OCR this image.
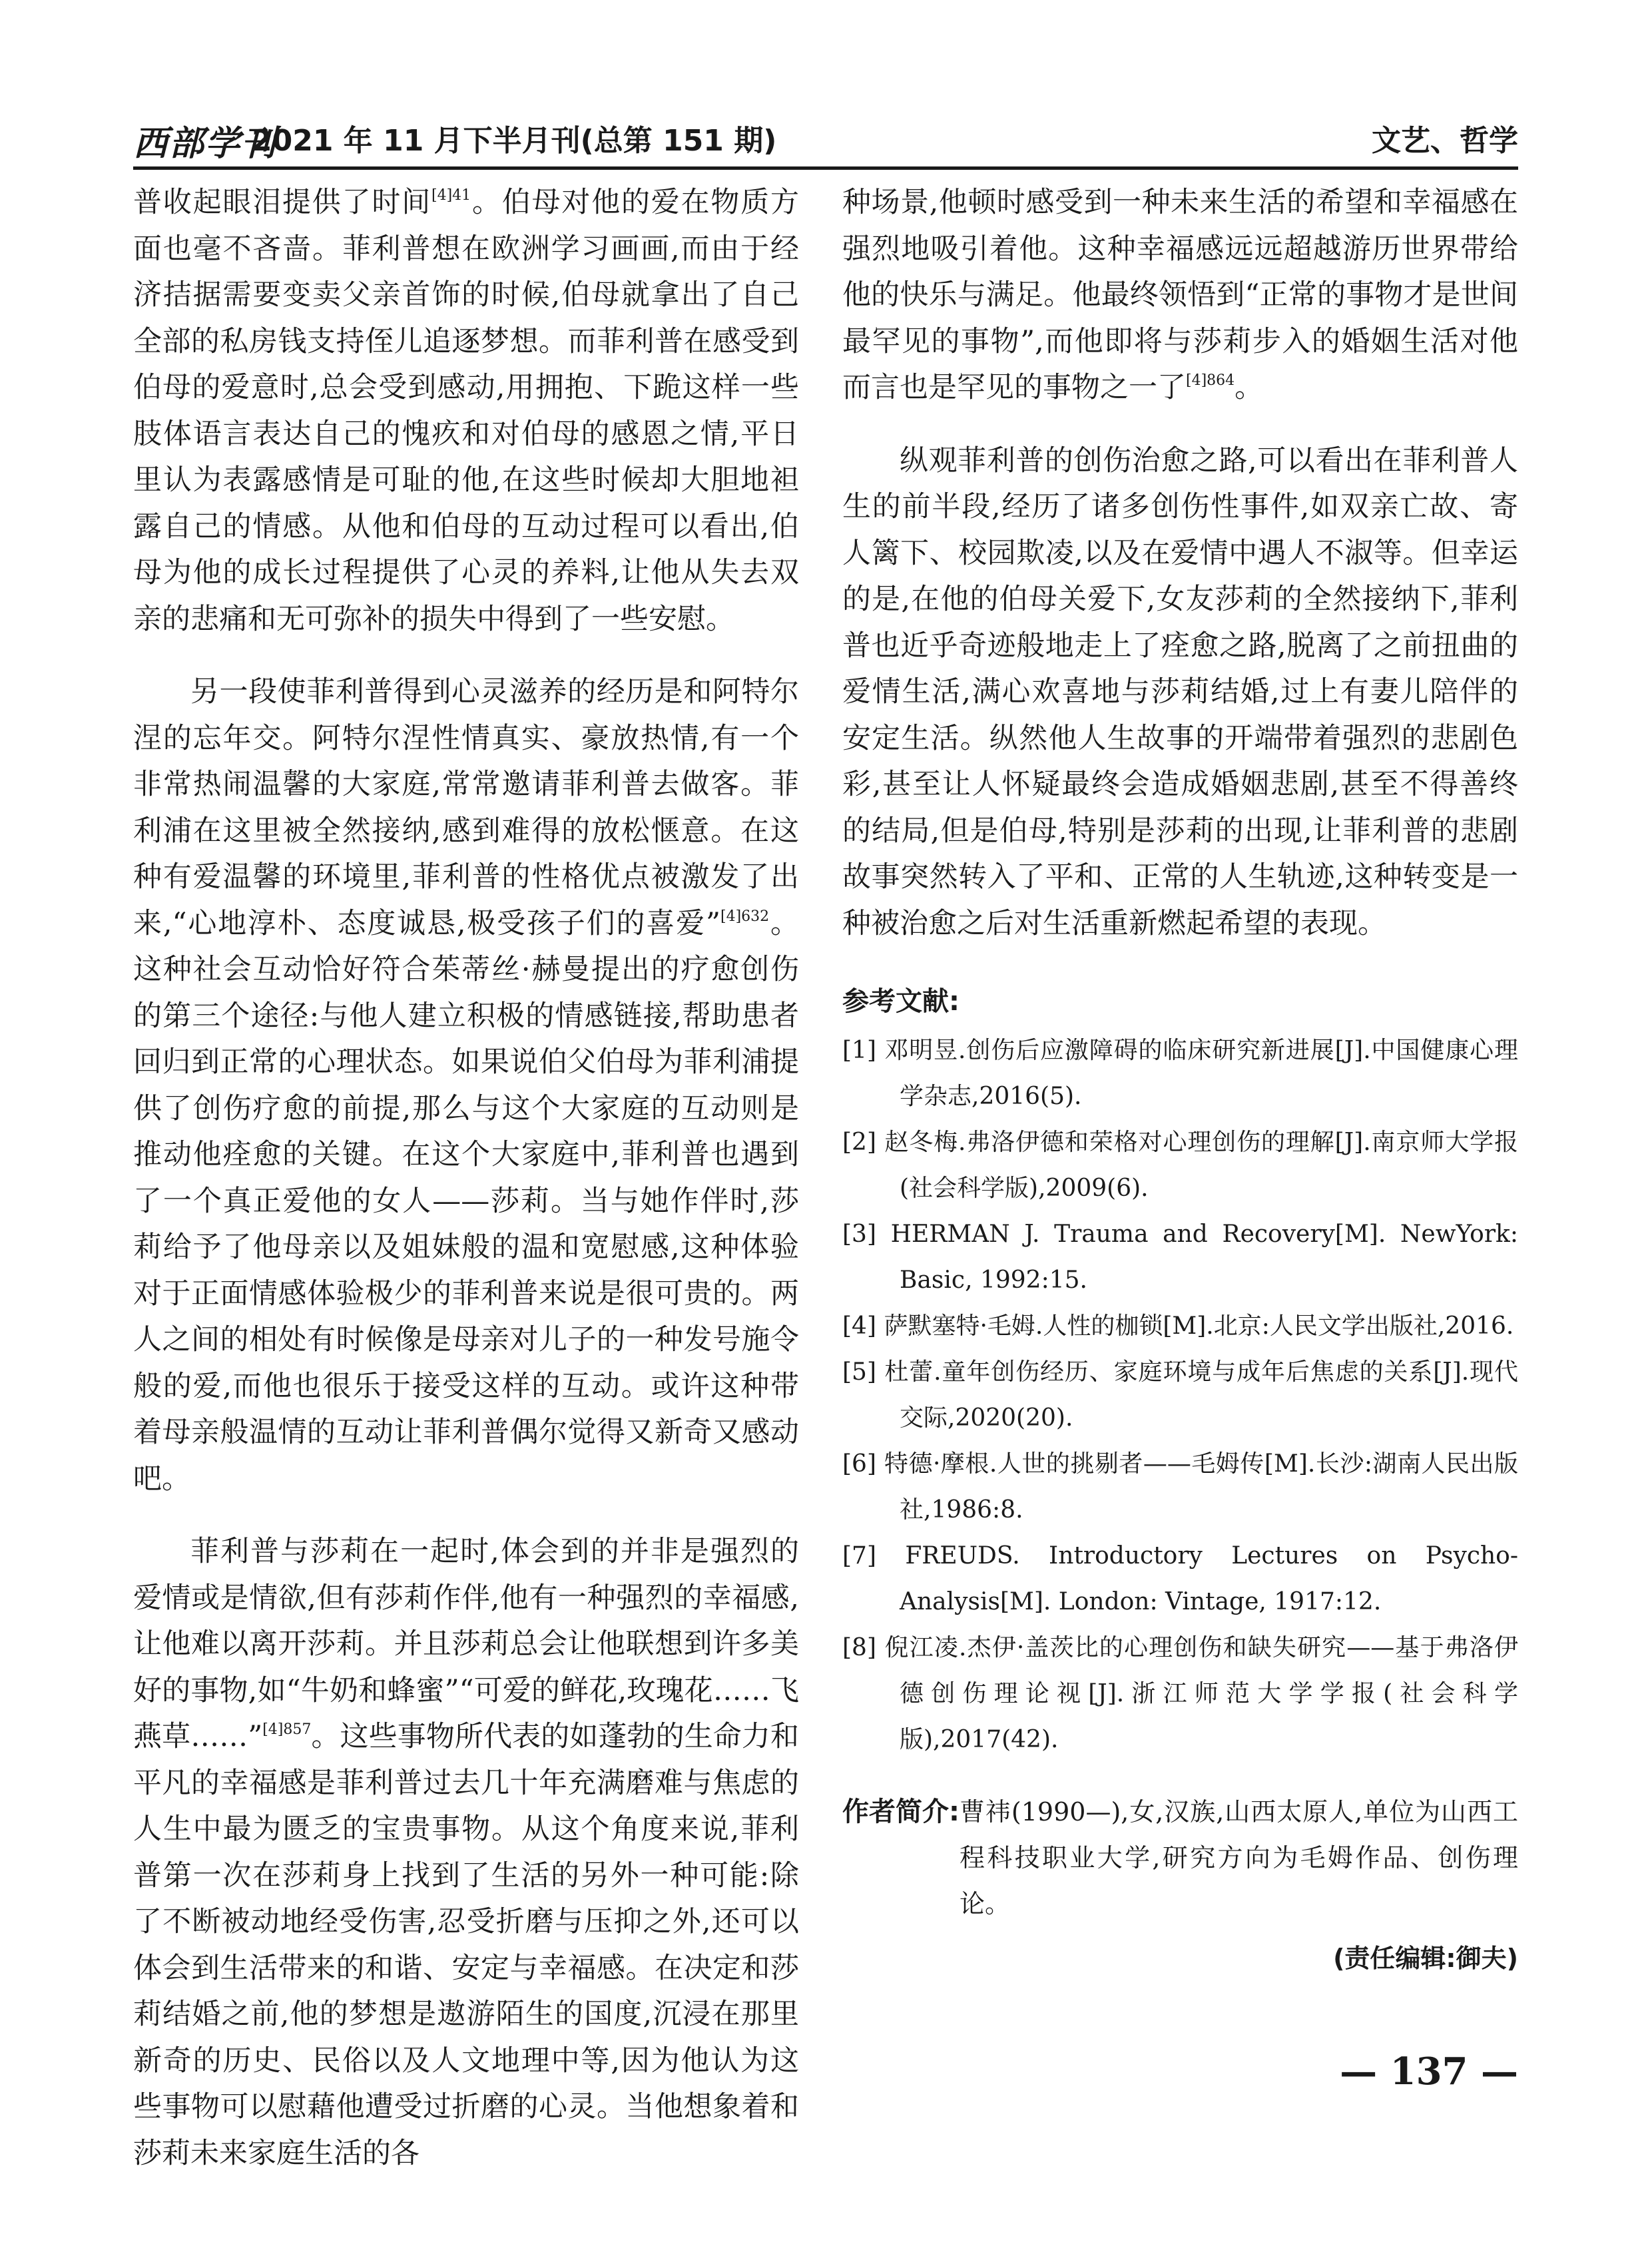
西部学刊
2021 年 11 月下半月刊(总第 151 期)	文艺、哲学

普收起眼泪提供了时间$^{[4]41}$。伯母对他的爱在物质方面也毫不吝啬。菲利普想在欧洲学习画画,而由于经济拮据需要变卖父亲首饰的时候,伯母就拿出了自己全部的私房钱支持侄儿追逐梦想。而菲利普在感受到伯母的爱意时,总会受到感动,用拥抱、下跪这样一些肢体语言表达自己的愧疚和对伯母的感恩之情,平日里认为表露感情是可耻的他,在这些时候却大胆地袒露自己的情感。从他和伯母的互动过程可以看出,伯母为他的成长过程提供了心灵的养料,让他从失去双亲的悲痛和无可弥补的损失中得到了一些安慰。

另一段使菲利普得到心灵滋养的经历是和阿特尔涅的忘年交。阿特尔涅性情真实、豪放热情,有一个非常热闹温馨的大家庭,常常邀请菲利普去做客。菲利浦在这里被全然接纳,感到难得的放松惬意。在这种有爱温馨的环境里,菲利普的性格优点被激发了出来,“心地淳朴、态度诚恳,极受孩子们的喜爱”$^{[4]632}$。这种社会互动恰好符合茱蒂丝·赫曼提出的疗愈创伤的第三个途径:与他人建立积极的情感链接,帮助患者回归到正常的心理状态。如果说伯父伯母为菲利浦提供了创伤疗愈的前提,那么与这个大家庭的互动则是推动他痊愈的关键。在这个大家庭中,菲利普也遇到了一个真正爱他的女人——莎莉。当与她作伴时,莎莉给予了他母亲以及姐妹般的温和宽慰感,这种体验对于正面情感体验极少的菲利普来说是很可贵的。两人之间的相处有时候像是母亲对儿子的一种发号施令般的爱,而他也很乐于接受这样的互动。或许这种带着母亲般温情的互动让菲利普偶尔觉得又新奇又感动吧。

菲利普与莎莉在一起时,体会到的并非是强烈的爱情或是情欲,但有莎莉作伴,他有一种强烈的幸福感,让他难以离开莎莉。并且莎莉总会让他联想到许多美好的事物,如“牛奶和蜂蜜”“可爱的鲜花,玫瑰花……飞燕草……”$^{[4]857}$。这些事物所代表的如蓬勃的生命力和平凡的幸福感是菲利普过去几十年充满磨难与焦虑的人生中最为匮乏的宝贵事物。从这个角度来说,菲利普第一次在莎莉身上找到了生活的另外一种可能:除了不断被动地经受伤害,忍受折磨与压抑之外,还可以体会到生活带来的和谐、安定与幸福感。在决定和莎莉结婚之前,他的梦想是遨游陌生的国度,沉浸在那里新奇的历史、民俗以及人文地理中等,因为他认为这些事物可以慰藉他遭受过折磨的心灵。当他想象着和莎莉未来家庭生活的各

种场景,他顿时感受到一种未来生活的希望和幸福感在强烈地吸引着他。这种幸福感远远超越游历世界带给他的快乐与满足。他最终领悟到“正常的事物才是世间最罕见的事物”,而他即将与莎莉步入的婚姻生活对他而言也是罕见的事物之一了$^{[4]864}$。

纵观菲利普的创伤治愈之路,可以看出在菲利普人生的前半段,经历了诸多创伤性事件,如双亲亡故、寄人篱下、校园欺凌,以及在爱情中遇人不淑等。但幸运的是,在他的伯母关爱下,女友莎莉的全然接纳下,菲利普也近乎奇迹般地走上了痊愈之路,脱离了之前扭曲的爱情生活,满心欢喜地与莎莉结婚,过上有妻儿陪伴的安定生活。纵然他人生故事的开端带着强烈的悲剧色彩,甚至让人怀疑最终会造成婚姻悲剧,甚至不得善终的结局,但是伯母,特别是莎莉的出现,让菲利普的悲剧故事突然转入了平和、正常的人生轨迹,这种转变是一种被治愈之后对生活重新燃起希望的表现。

参考文献:

[1] 邓明昱.创伤后应激障碍的临床研究新进展[J].中国健康心理学杂志,2016(5).

[2] 赵冬梅.弗洛伊德和荣格对心理创伤的理解[J].南京师大学报(社会科学版),2009(6).

[3] HERMAN J. Trauma and Recovery[M]. NewYork: Basic, 1992:15.

[4] 萨默塞特·毛姆.人性的枷锁[M].北京:人民文学出版社,2016.

[5] 杜蕾.童年创伤经历、家庭环境与成年后焦虑的关系[J].现代交际,2020(20).

[6] 特德·摩根.人世的挑剔者——毛姆传[M].长沙:湖南人民出版社,1986:8.

[7] FREUDS. Introductory Lectures on Psycho-Analysis[M]. London: Vintage, 1917:12.

[8] 倪江凌.杰伊·盖茨比的心理创伤和缺失研究——基于弗洛伊德创伤理论视[J].浙江师范大学学报(社会科学版),2017(42).

作者简介: 曹祎(1990—),女,汉族,山西太原人,单位为山西工程科技职业大学,研究方向为毛姆作品、创伤理论。
(责任编辑:御夫)
— 137 —
